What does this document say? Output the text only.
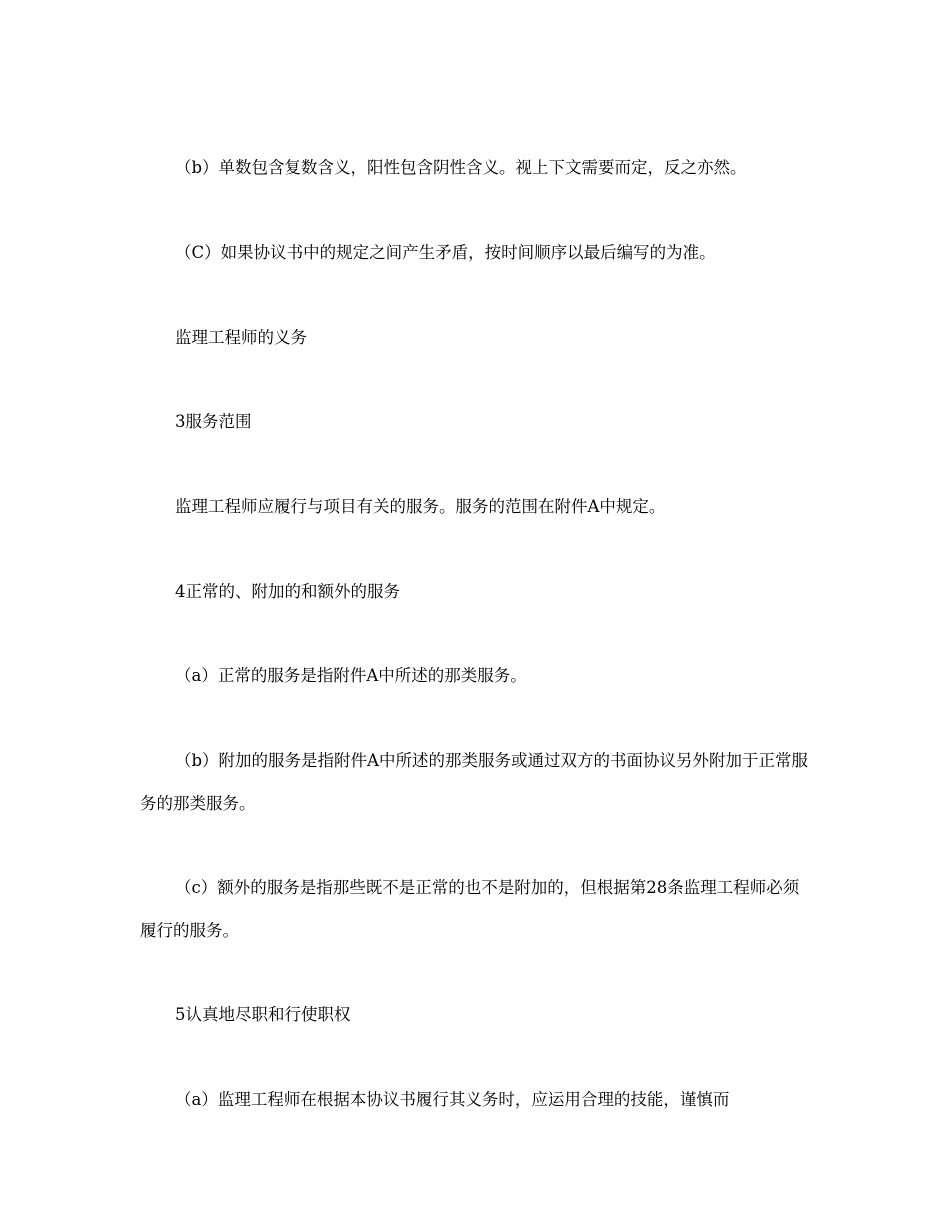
（b）单数包含复数含义，阳性包含阴性含义。视上下文需要而定，反之亦然。

（C）如果协议书中的规定之间产生矛盾，按时间顺序以最后编写的为准。

监理工程师的义务

3服务范围

监理工程师应履行与项目有关的服务。服务的范围在附件A中规定。

4正常的、附加的和额外的服务

（a）正常的服务是指附件A中所述的那类服务。

（b）附加的服务是指附件A中所述的那类服务或通过双方的书面协议另外附加于正常服务的那类服务。

（c）额外的服务是指那些既不是正常的也不是附加的，但根据第28条监理工程师必须履行的服务。

5认真地尽职和行使职权

（a）监理工程师在根据本协议书履行其义务时，应运用合理的技能，谨慎而
